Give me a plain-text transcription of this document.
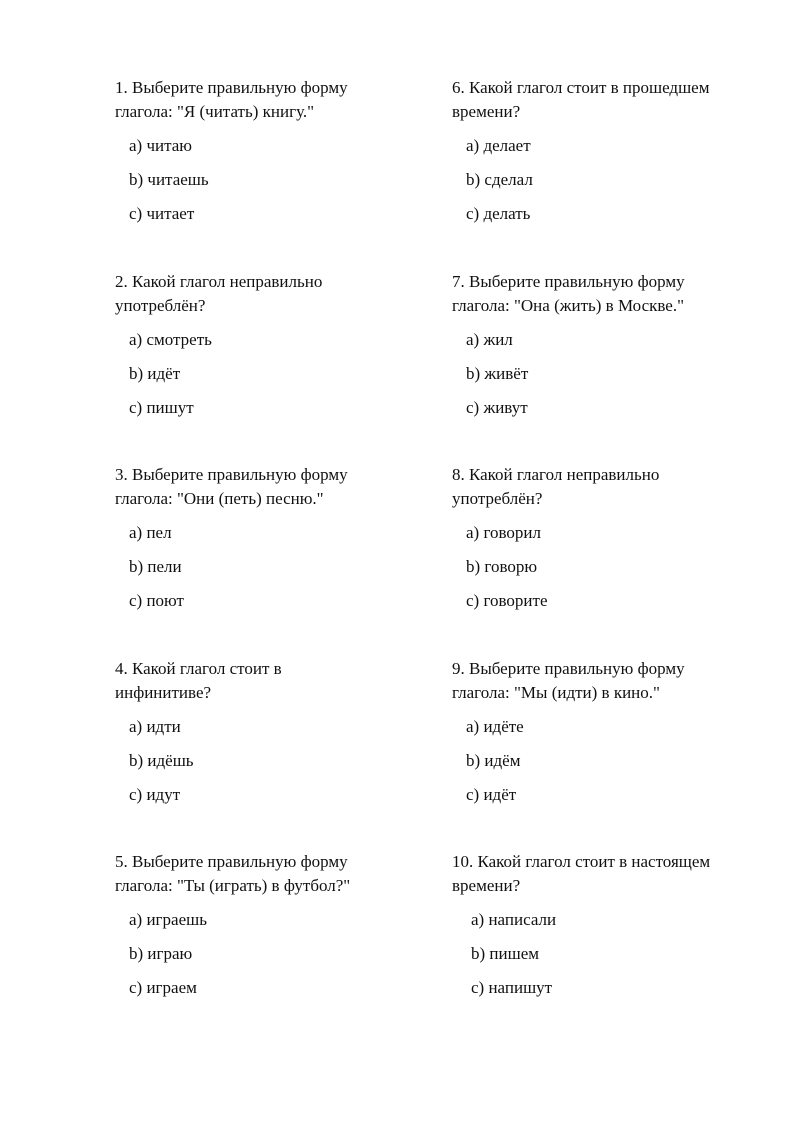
1. Выберите правильную форму
глагола: "Я (читать) книгу."

a) читаю
b) читаешь
c) читает

2. Какой глагол неправильно
употреблён?

a) смотреть
b) идёт
c) пишут

3. Выберите правильную форму
глагола: "Они (петь) песню."

a) пел
b) пели
c) поют

4. Какой глагол стоит в
инфинитиве?

a) идти
b) идёшь
c) идут

5. Выберите правильную форму
глагола: "Ты (играть) в футбол?"

a) играешь
b) играю
c) играем

6. Какой глагол стоит в прошедшем
времени?

a) делает
b) сделал
c) делать

7. Выберите правильную форму
глагола: "Она (жить) в Москве."

a) жил
b) живёт
c) живут

8. Какой глагол неправильно
употреблён?

a) говорил
b) говорю
c) говорите

9. Выберите правильную форму
глагола: "Мы (идти) в кино."

a) идёте
b) идём
c) идёт

10. Какой глагол стоит в настоящем
времени?

a) написали
b) пишем
c) напишут
